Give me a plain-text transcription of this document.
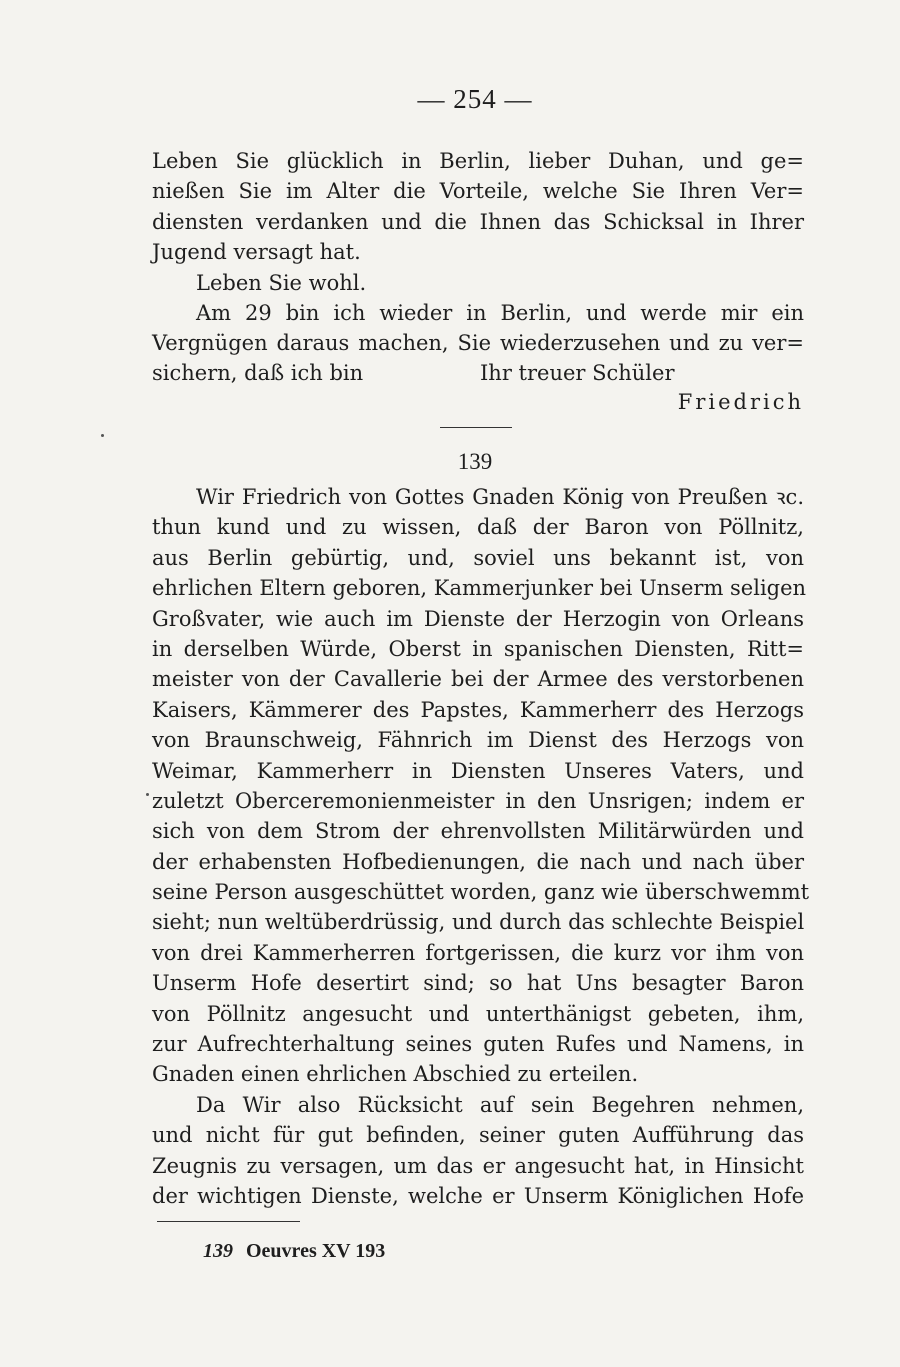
— 254 —
Leben Sie glücklich in Berlin, lieber Duhan, und ge=
nießen Sie im Alter die Vorteile, welche Sie Ihren Ver=
diensten verdanken und die Ihnen das Schicksal in Ihrer
Jugend versagt hat.
Leben Sie wohl.
Am 29 bin ich wieder in Berlin, und werde mir ein
Vergnügen daraus machen, Sie wiederzusehen und zu ver=
sichern, daß ich bin	Ihr treuer Schüler
Friedrich
139
Wir Friedrich von Gottes Gnaden König von Preußen ꝛc.
thun kund und zu wissen, daß der Baron von Pöllnitz,
aus Berlin gebürtig, und, soviel uns bekannt ist, von
ehrlichen Eltern geboren, Kammerjunker bei Unserm seligen
Großvater, wie auch im Dienste der Herzogin von Orleans
in derselben Würde, Oberst in spanischen Diensten, Ritt=
meister von der Cavallerie bei der Armee des verstorbenen
Kaisers, Kämmerer des Papstes, Kammerherr des Herzogs
von Braunschweig, Fähnrich im Dienst des Herzogs von
Weimar, Kammerherr in Diensten Unseres Vaters, und
zuletzt Oberceremonienmeister in den Unsrigen; indem er
sich von dem Strom der ehrenvollsten Militärwürden und
der erhabensten Hofbedienungen, die nach und nach über
seine Person ausgeschüttet worden, ganz wie überschwemmt
sieht; nun weltüberdrüssig, und durch das schlechte Beispiel
von drei Kammerherren fortgerissen, die kurz vor ihm von
Unserm Hofe desertirt sind; so hat Uns besagter Baron
von Pöllnitz angesucht und unterthänigst gebeten, ihm,
zur Aufrechterhaltung seines guten Rufes und Namens, in
Gnaden einen ehrlichen Abschied zu erteilen.
Da Wir also Rücksicht auf sein Begehren nehmen,
und nicht für gut befinden, seiner guten Aufführung das
Zeugnis zu versagen, um das er angesucht hat, in Hinsicht
der wichtigen Dienste, welche er Unserm Königlichen Hofe
139 Oeuvres XV 193
